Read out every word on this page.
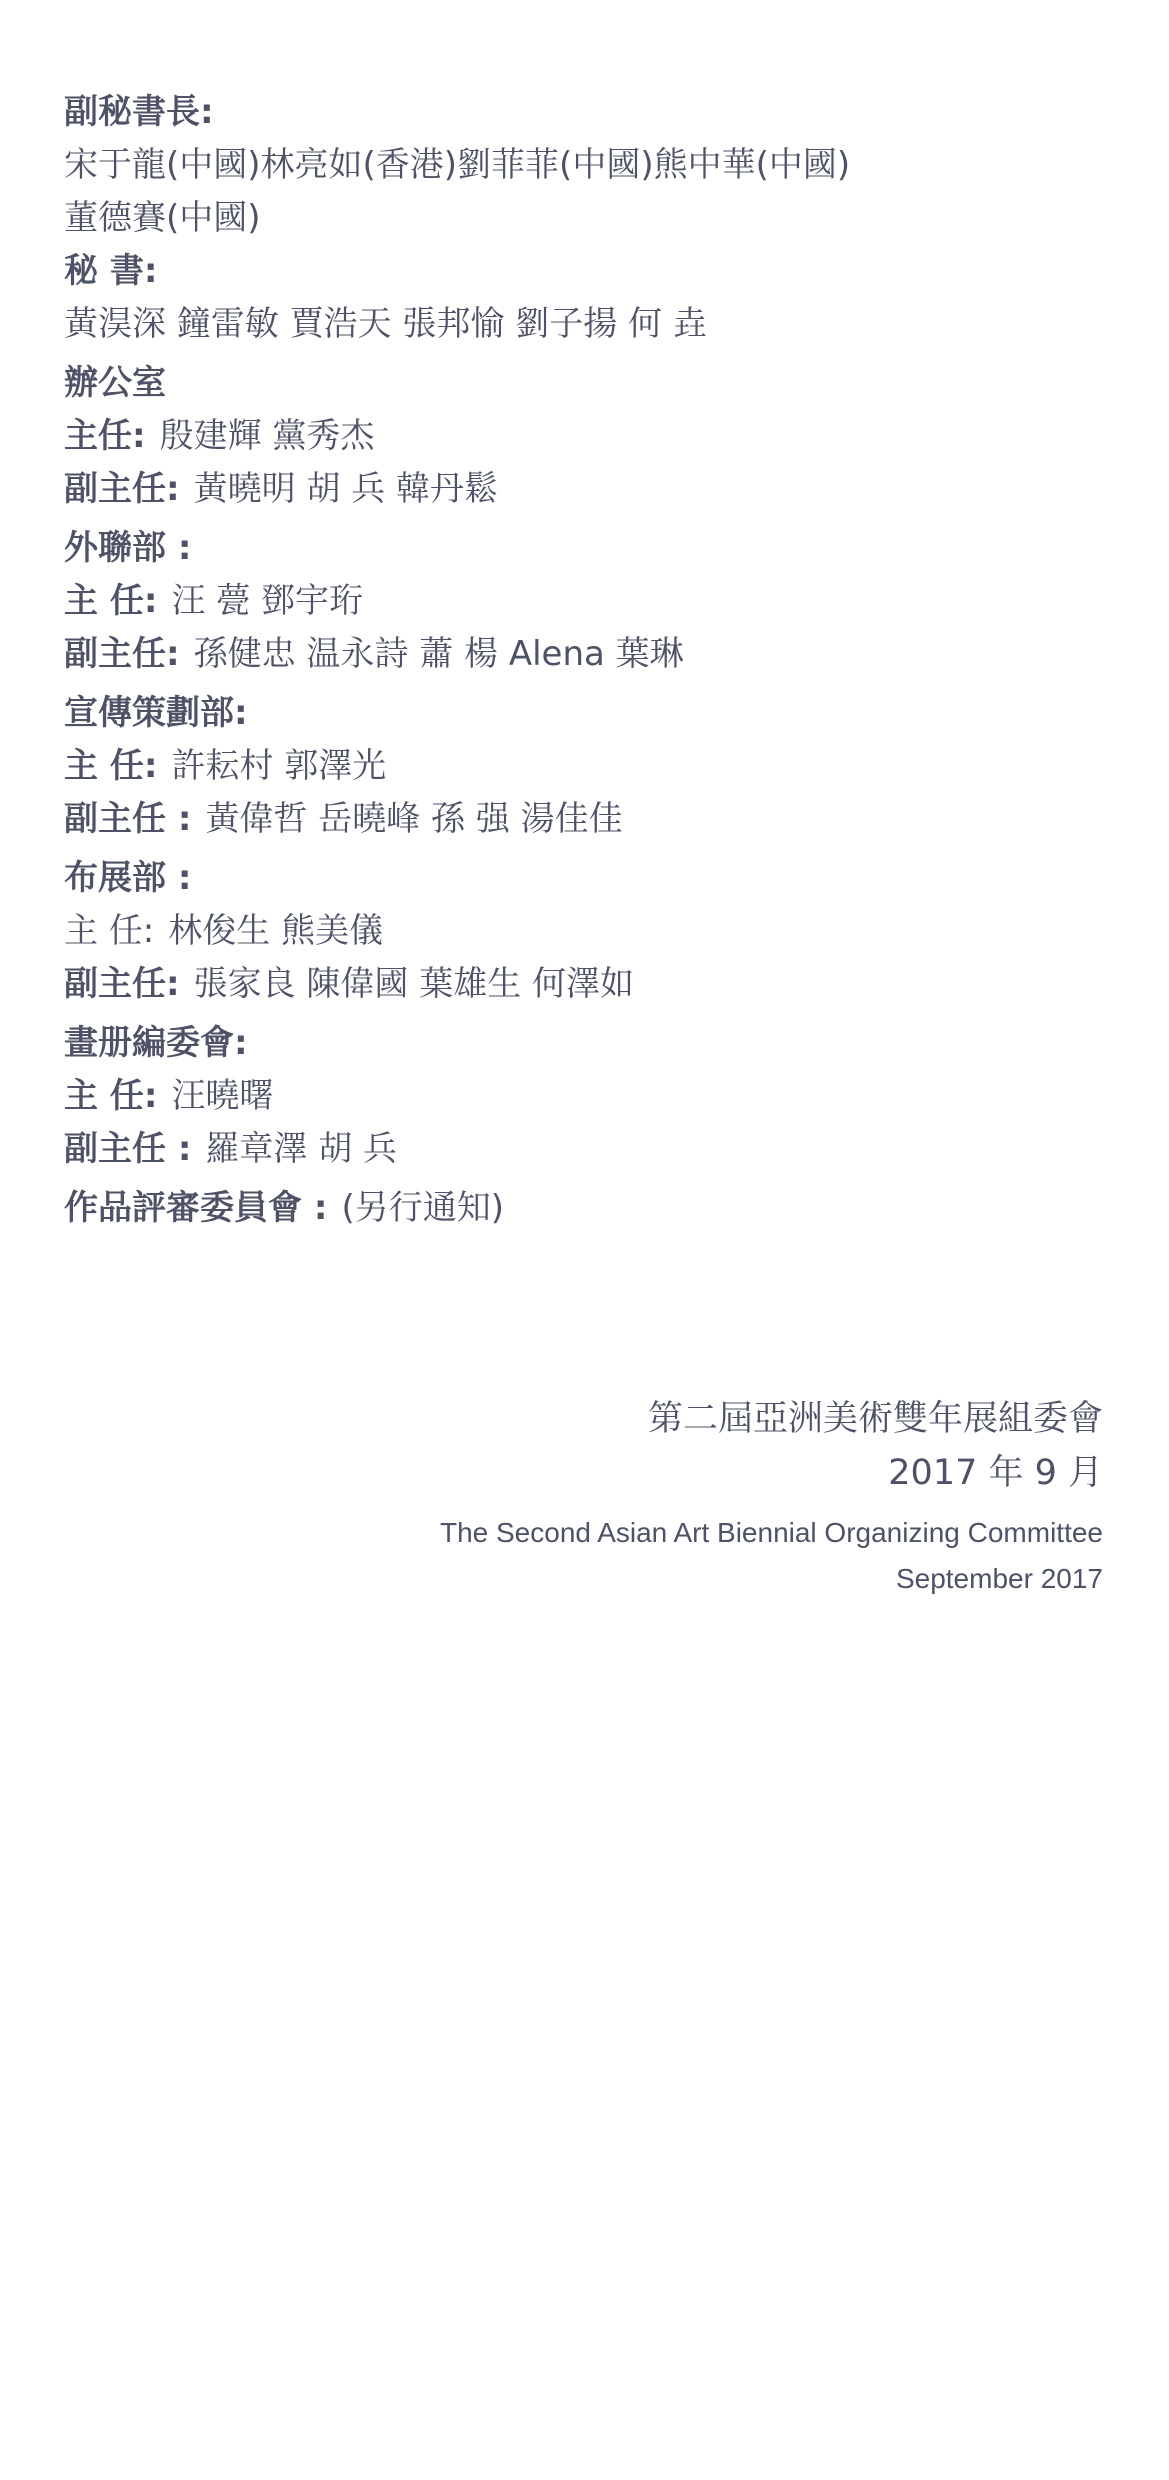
副秘書長:
宋于龍(中國)林亮如(香港)劉菲菲(中國)熊中華(中國)
董德賽(中國)
秘 書:
黃淏深 鐘雷敏 賈浩天 張邦愉 劉子揚 何 垚
辦公室
主任: 殷建輝 黨秀杰
副主任: 黃曉明 胡 兵 韓丹鬆
外聯部 :
主 任: 汪 甍 鄧宇珩
副主任: 孫健忠 温永詩 蕭 楊 Alena 葉琳
宣傳策劃部:
主 任: 許耘村 郭澤光
副主任 : 黃偉哲 岳曉峰 孫 强 湯佳佳
布展部 :
主 任: 林俊生 熊美儀
副主任: 張家良 陳偉國 葉雄生 何澤如
畫册編委會:
主 任: 汪曉曙
副主任 : 羅章澤 胡 兵
作品評審委員會 : (另行通知)
第二屆亞洲美術雙年展組委會
2017 年 9 月
The Second Asian Art Biennial Organizing Committee
September 2017
